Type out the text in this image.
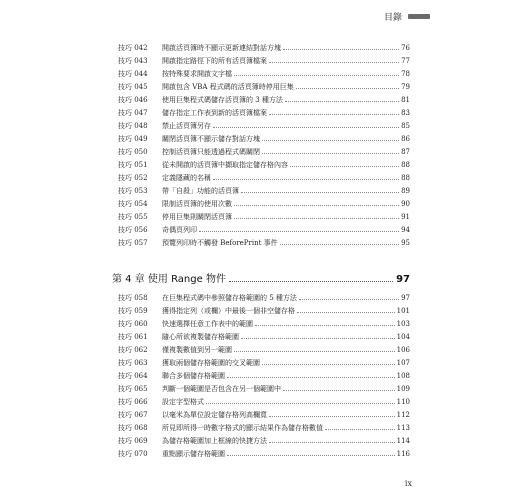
目錄
技巧 042	開啟活頁簿時不顯示更新連結對話方塊	76
技巧 043	開啟指定路徑下的所有活頁簿檔案	77
技巧 044	按特殊要求開啟文字檔	78
技巧 045	開啟包含 VBA 程式碼的活頁簿時停用巨集	79
技巧 046	使用巨集程式碼儲存活頁簿的 3 種方法	81
技巧 047	儲存指定工作表到新的活頁簿檔案	83
技巧 048	禁止活頁簿另存	85
技巧 049	關閉活頁簿不顯示儲存對話方塊	86
技巧 050	控制活頁簿只能透過程式碼關閉	87
技巧 051	從未開啟的活頁簿中擷取指定儲存格內容	88
技巧 052	定義隱藏的名稱	88
技巧 053	帶「自殺」功能的活頁簿	89
技巧 054	限制活頁簿的使用次數	90
技巧 055	停用巨集則關閉活頁簿	91
技巧 056	奇偶頁列印	94
技巧 057	預覽列印時不觸發 BeforePrint 事件	95
第 4 章 使用 Range 物件	97
技巧 058	在巨集程式碼中參照儲存格範圍的 5 種方法	97
技巧 059	獲得指定列（或欄）中最後一個非空儲存格	101
技巧 060	快速選擇任意工作表中的範圍	103
技巧 061	隨心所欲複製儲存格範圍	104
技巧 062	僅複製數值到另一範圍	106
技巧 063	獲取兩個儲存格範圍的交叉範圍	107
技巧 064	聯合多個儲存格範圍	108
技巧 065	判斷一個範圍是否包含在另一個範圍中	109
技巧 066	設定字型格式	110
技巧 067	以毫米為單位設定儲存格列高欄寬	112
技巧 068	所見即所得一時數字格式的顯示結果作為儲存格數值	113
技巧 069	為儲存格範圍加上框線的快捷方法	114
技巧 070	重點顯示儲存格範圍	116
ix
